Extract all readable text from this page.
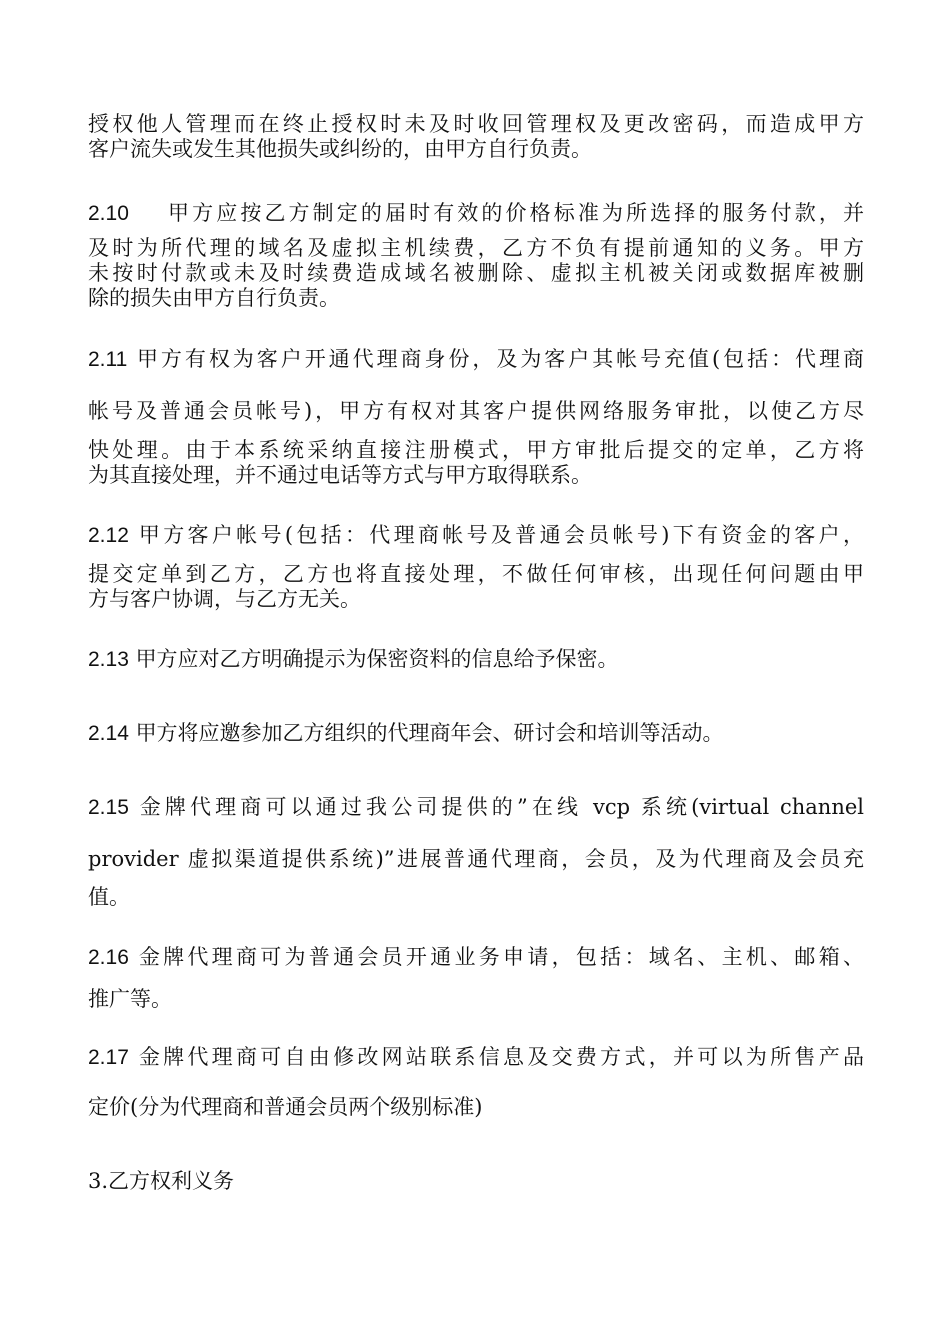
授权他人管理而在终止授权时未及时收回管理权及更改密码，而造成甲方
客户流失或发生其他损失或纠纷的，由甲方自行负责。
2.10 甲方应按乙方制定的届时有效的价格标准为所选择的服务付款，并
及时为所代理的域名及虚拟主机续费，乙方不负有提前通知的义务。甲方
未按时付款或未及时续费造成域名被删除、虚拟主机被关闭或数据库被删
除的损失由甲方自行负责。
2.11 甲方有权为客户开通代理商身份，及为客户其帐号充值(包括：代理商
帐号及普通会员帐号)，甲方有权对其客户提供网络服务审批，以使乙方尽
快处理。由于本系统采纳直接注册模式，甲方审批后提交的定单，乙方将
为其直接处理，并不通过电话等方式与甲方取得联系。
2.12 甲方客户帐号(包括：代理商帐号及普通会员帐号)下有资金的客户，
提交定单到乙方，乙方也将直接处理，不做任何审核，出现任何问题由甲
方与客户协调，与乙方无关。
2.13 甲方应对乙方明确提示为保密资料的信息给予保密。
2.14 甲方将应邀参加乙方组织的代理商年会、研讨会和培训等活动。
2.15 金牌代理商可以通过我公司提供的”在线 vcp 系统(virtual channel
provider 虚拟渠道提供系统)”进展普通代理商，会员，及为代理商及会员充
值。
2.16 金牌代理商可为普通会员开通业务申请，包括：域名、主机、邮箱、
推广等。
2.17 金牌代理商可自由修改网站联系信息及交费方式，并可以为所售产品
定价(分为代理商和普通会员两个级别标准)
3.乙方权利义务
